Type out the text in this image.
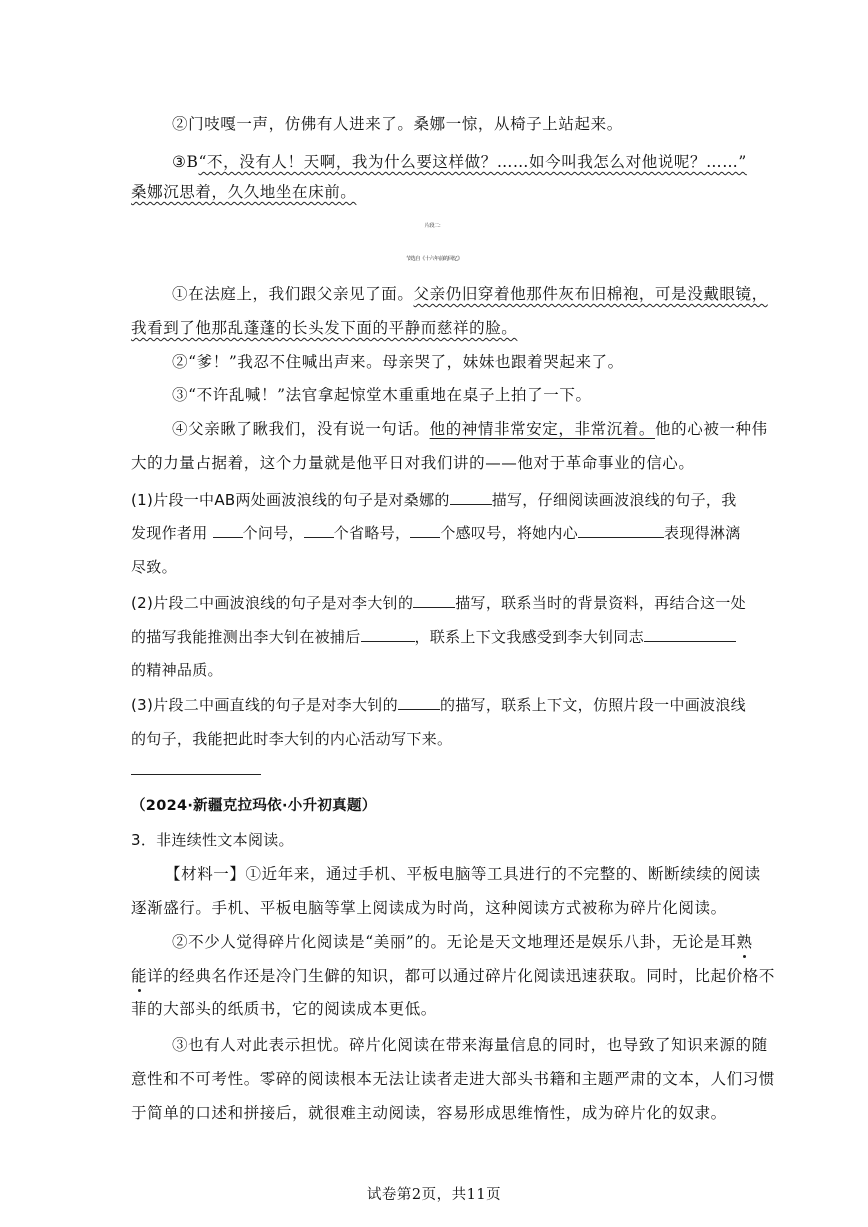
②门吱嘎一声，仿佛有人进来了。桑娜一惊，从椅子上站起来。
③B“不，没有人！天啊，我为什么要这样做？……如今叫我怎么对他说呢？……”
桑娜沉思着，久久地坐在床前。
片段二：
节选自《十六年前的回忆》
①在法庭上，我们跟父亲见了面。父亲仍旧穿着他那件灰布旧棉袍，可是没戴眼镜，
我看到了他那乱蓬蓬的长头发下面的平静而慈祥的脸。
②“爹！”我忍不住喊出声来。母亲哭了，妹妹也跟着哭起来了。
③“不许乱喊！”法官拿起惊堂木重重地在桌子上拍了一下。
④父亲瞅了瞅我们，没有说一句话。他的神情非常安定，非常沉着。他的心被一种伟
大的力量占据着，这个力量就是他平日对我们讲的——他对于革命事业的信心。
(1)片段一中AB两处画波浪线的句子是对桑娜的	描写，仔细阅读画波浪线的句子，我
发现作者用 个问号， 个省略号， 个感叹号，将她内心	表现得淋漓
尽致。
(2)片段二中画波浪线的句子是对李大钊的	描写，联系当时的背景资料，再结合这一处
的描写我能推测出李大钊在被捕后	，联系上下文我感受到李大钊同志
的精神品质。
(3)片段二中画直线的句子是对李大钊的	的描写，联系上下文，仿照片段一中画波浪线
的句子，我能把此时李大钊的内心活动写下来。
（2024·新疆克拉玛依·小升初真题）
3．非连续性文本阅读。
【材料一】①近年来，通过手机、平板电脑等工具进行的不完整的、断断续续的阅读
逐渐盛行。手机、平板电脑等掌上阅读成为时尚，这种阅读方式被称为碎片化阅读。
②不少人觉得碎片化阅读是“美丽”的。无论是天文地理还是娱乐八卦，无论是耳熟
能详的经典名作还是冷门生僻的知识，都可以通过碎片化阅读迅速获取。同时，比起价格不
菲的大部头的纸质书，它的阅读成本更低。
③也有人对此表示担忧。碎片化阅读在带来海量信息的同时，也导致了知识来源的随
意性和不可考性。零碎的阅读根本无法让读者走进大部头书籍和主题严肃的文本，人们习惯
于简单的口述和拼接后，就很难主动阅读，容易形成思维惰性，成为碎片化的奴隶。
试卷第2页，共11页
